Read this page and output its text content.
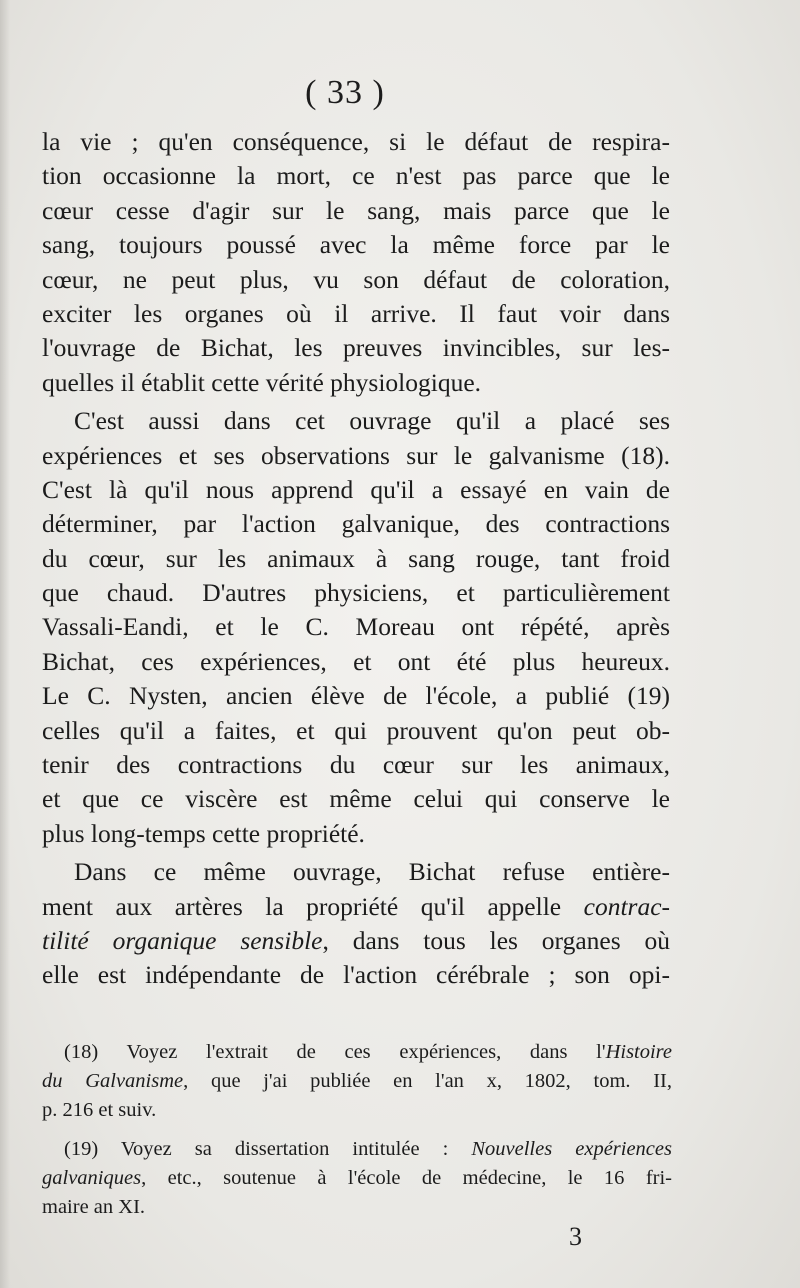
( 33 )
la vie ; qu'en conséquence, si le défaut de respira-
tion occasionne la mort, ce n'est pas parce que le
cœur cesse d'agir sur le sang, mais parce que le
sang, toujours poussé avec la même force par le
cœur, ne peut plus, vu son défaut de coloration,
exciter les organes où il arrive. Il faut voir dans
l'ouvrage de Bichat, les preuves invincibles, sur les-
quelles il établit cette vérité physiologique.
C'est aussi dans cet ouvrage qu'il a placé ses
expériences et ses observations sur le galvanisme (18).
C'est là qu'il nous apprend qu'il a essayé en vain de
déterminer, par l'action galvanique, des contractions
du cœur, sur les animaux à sang rouge, tant froid
que chaud. D'autres physiciens, et particulièrement
Vassali-Eandi, et le C. Moreau ont répété, après
Bichat, ces expériences, et ont été plus heureux.
Le C. Nysten, ancien élève de l'école, a publié (19)
celles qu'il a faites, et qui prouvent qu'on peut ob-
tenir des contractions du cœur sur les animaux,
et que ce viscère est même celui qui conserve le
plus long-temps cette propriété.
Dans ce même ouvrage, Bichat refuse entière-
ment aux artères la propriété qu'il appelle contrac-
tilité organique sensible, dans tous les organes où
elle est indépendante de l'action cérébrale ; son opi-
(18) Voyez l'extrait de ces expériences, dans l'Histoire
du Galvanisme, que j'ai publiée en l'an x, 1802, tom. II,
p. 216 et suiv.
(19) Voyez sa dissertation intitulée : Nouvelles expériences
galvaniques, etc., soutenue à l'école de médecine, le 16 fri-
maire an XI.
3
